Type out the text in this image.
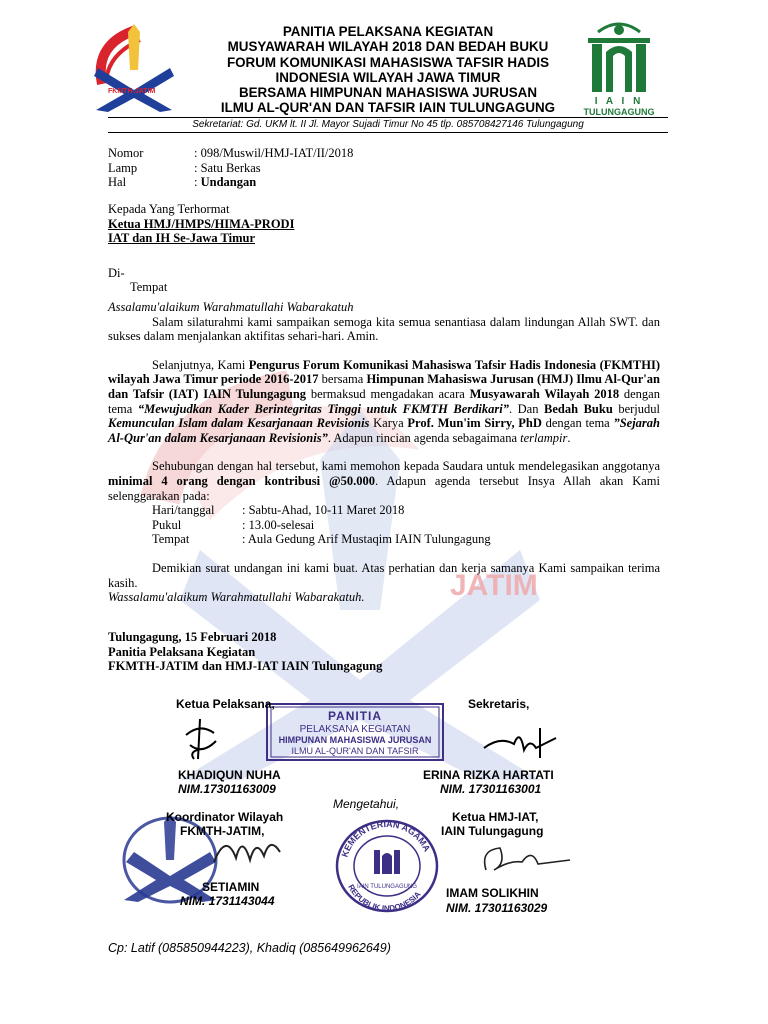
JATIM
FKMTH-JATIM
I A I N
TULUNGAGUNG
PANITIA PELAKSANA KEGIATAN
MUSYAWARAH WILAYAH 2018 DAN BEDAH BUKU
FORUM KOMUNIKASI MAHASISWA TAFSIR HADIS
INDONESIA WILAYAH JAWA TIMUR
BERSAMA HIMPUNAN MAHASISWA JURUSAN
ILMU AL-QUR'AN DAN TAFSIR IAIN TULUNGAGUNG
Sekretariat: Gd. UKM lt. II Jl. Mayor Sujadi Timur No 45 tlp. 085708427146 Tulungagung
Nomor	: 098/Muswil/HMJ-IAT/II/2018
Lamp	: Satu Berkas
Hal	: Undangan
Kepada Yang Terhormat
Ketua HMJ/HMPS/HIMA-PRODI
IAT dan IH Se-Jawa Timur
Di-
Tempat

Assalamu'alaikum Warahmatullahi Wabarakatuh

Salam silaturahmi kami sampaikan semoga kita semua senantiasa dalam lindungan Allah SWT. dan sukses dalam menjalankan aktifitas sehari-hari. Amin.

Selanjutnya, Kami Pengurus Forum Komunikasi Mahasiswa Tafsir Hadis Indonesia (FKMTHI) wilayah Jawa Timur periode 2016-2017 bersama Himpunan Mahasiswa Jurusan (HMJ) Ilmu Al-Qur'an dan Tafsir (IAT) IAIN Tulungagung bermaksud mengadakan acara Musyawarah Wilayah 2018 dengan tema “Mewujudkan Kader Berintegritas Tinggi untuk FKMTH Berdikari”. Dan Bedah Buku berjudul Kemunculan Islam dalam Kesarjanaan Revisionis Karya Prof. Mun'im Sirry, PhD dengan tema ”Sejarah Al-Qur'an dalam Kesarjanaan Revisionis”. Adapun rincian agenda sebagaimana terlampir.

Sehubungan dengan hal tersebut, kami memohon kepada Saudara untuk mendelegasikan anggotanya minimal 4 orang dengan kontribusi @50.000. Adapun agenda tersebut Insya Allah akan Kami selenggarakan pada:

Hari/tanggal	: Sabtu-Ahad, 10-11 Maret 2018
Pukul	: 13.00-selesai
Tempat	: Aula Gedung Arif Mustaqim IAIN Tulungagung

Demikian surat undangan ini kami buat. Atas perhatian dan kerja samanya Kami sampaikan terima kasih.

Wassalamu'alaikum Warahmatullahi Wabarakatuh.

Tulungagung, 15 Februari 2018
Panitia Pelaksana Kegiatan
FKMTH-JATIM dan HMJ-IAT IAIN Tulungagung
PANITIA
PELAKSANA KEGIATAN
HIMPUNAN MAHASISWA JURUSAN
ILMU AL-QUR'AN DAN TAFSIR
KEMENTERIAN AGAMA
REPUBLIK INDONESIA
IAIN TULUNGAGUNG
Ketua Pelaksana,	Sekretaris,
KHADIQUN NUHA
NIM.17301163009
ERINA RIZKA HARTATI
NIM. 17301163001
Mengetahui,
Koordinator Wilayah
FKMTH-JATIM,
Ketua HMJ-IAT,
IAIN Tulungagung
SETIAMIN
NIM. 1731143044
IMAM SOLIKHIN
NIM. 17301163029
Cp: Latif (085850944223), Khadiq (085649962649)
